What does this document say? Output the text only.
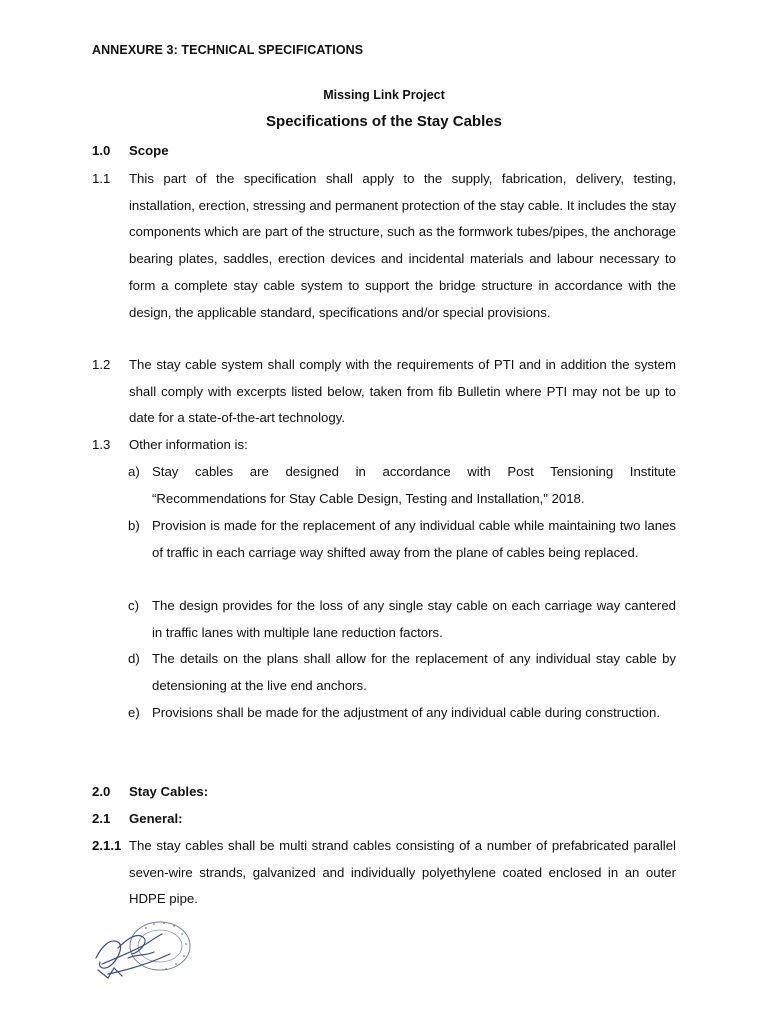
ANNEXURE 3: TECHNICAL SPECIFICATIONS
Missing Link Project
Specifications of the Stay Cables
1.0 Scope
1.1 This part of the specification shall apply to the supply, fabrication, delivery, testing, installation, erection, stressing and permanent protection of the stay cable. It includes the stay components which are part of the structure, such as the formwork tubes/pipes, the anchorage bearing plates, saddles, erection devices and incidental materials and labour necessary to form a complete stay cable system to support the bridge structure in accordance with the design, the applicable standard, specifications and/or special provisions.
1.2 The stay cable system shall comply with the requirements of PTI and in addition the system shall comply with excerpts listed below, taken from fib Bulletin where PTI may not be up to date for a state-of-the-art technology.
1.3 Other information is:
a) Stay cables are designed in accordance with Post Tensioning Institute “Recommendations for Stay Cable Design, Testing and Installation," 2018.
b) Provision is made for the replacement of any individual cable while maintaining two lanes of traffic in each carriage way shifted away from the plane of cables being replaced.
c) The design provides for the loss of any single stay cable on each carriage way cantered in traffic lanes with multiple lane reduction factors.
d) The details on the plans shall allow for the replacement of any individual stay cable by detensioning at the live end anchors.
e) Provisions shall be made for the adjustment of any individual cable during construction.
2.0 Stay Cables:
2.1 General:
2.1.1 The stay cables shall be multi strand cables consisting of a number of prefabricated parallel seven-wire strands, galvanized and individually polyethylene coated enclosed in an outer HDPE pipe.
